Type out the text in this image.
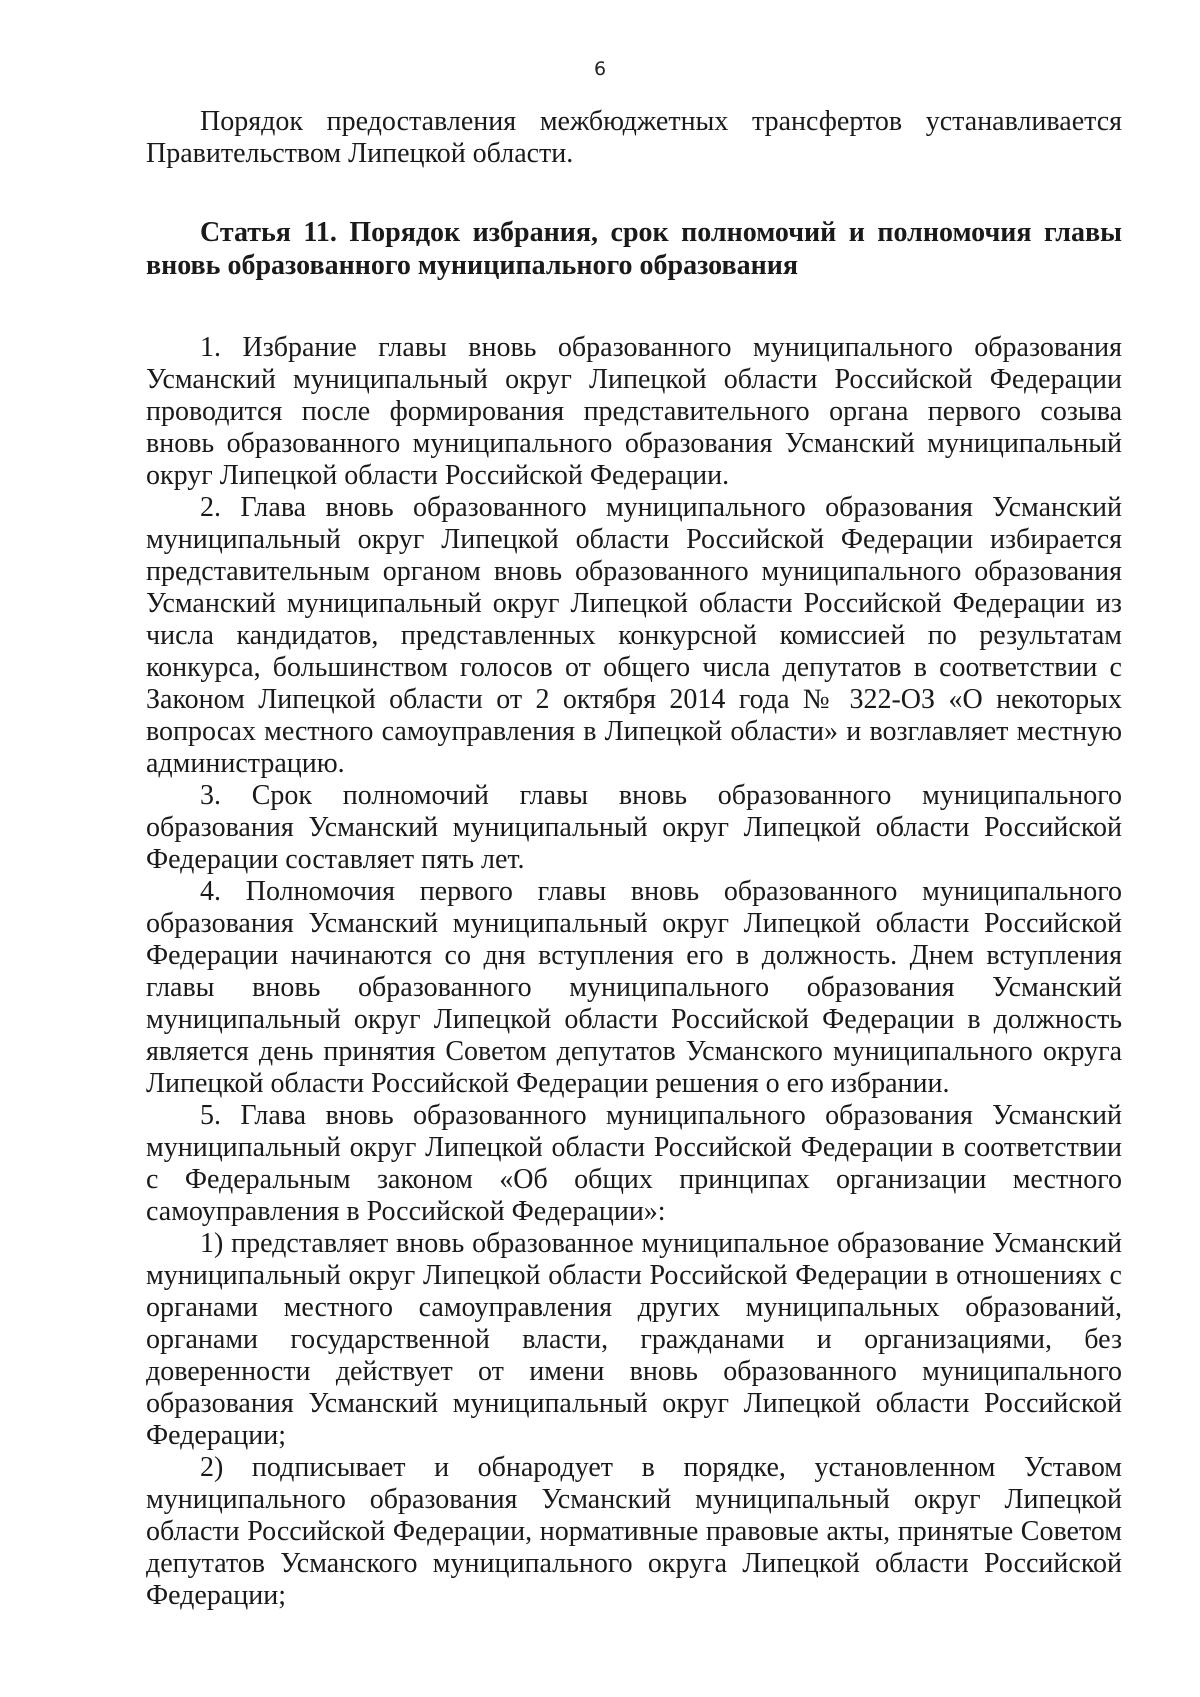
6

Порядок предоставления межбюджетных трансфертов устанавливается Правительством Липецкой области.

Статья 11. Порядок избрания, срок полномочий и полномочия главы вновь образованного муниципального образования

1. Избрание главы вновь образованного муниципального образования Усманский муниципальный округ Липецкой области Российской Федерации проводится после формирования представительного органа первого созыва вновь образованного муниципального образования Усманский муниципальный округ Липецкой области Российской Федерации.

2. Глава вновь образованного муниципального образования Усманский муниципальный округ Липецкой области Российской Федерации избирается представительным органом вновь образованного муниципального образования Усманский муниципальный округ Липецкой области Российской Федерации из числа кандидатов, представленных конкурсной комиссией по результатам конкурса, большинством голосов от общего числа депутатов в соответствии с Законом Липецкой области от 2 октября 2014 года № 322-ОЗ «О некоторых вопросах местного самоуправления в Липецкой области» и возглавляет местную администрацию.

3. Срок полномочий главы вновь образованного муниципального образования Усманский муниципальный округ Липецкой области Российской Федерации составляет пять лет.

4. Полномочия первого главы вновь образованного муниципального образования Усманский муниципальный округ Липецкой области Российской Федерации начинаются со дня вступления его в должность. Днем вступления главы вновь образованного муниципального образования Усманский муниципальный округ Липецкой области Российской Федерации в должность является день принятия Советом депутатов Усманского муниципального округа Липецкой области Российской Федерации решения о его избрании.

5. Глава вновь образованного муниципального образования Усманский муниципальный округ Липецкой области Российской Федерации в соответствии с Федеральным законом «Об общих принципах организации местного самоуправления в Российской Федерации»:

1) представляет вновь образованное муниципальное образование Усманский муниципальный округ Липецкой области Российской Федерации в отношениях с органами местного самоуправления других муниципальных образований, органами государственной власти, гражданами и организациями, без доверенности действует от имени вновь образованного муниципального образования Усманский муниципальный округ Липецкой области Российской Федерации;

2) подписывает и обнародует в порядке, установленном Уставом муниципального образования Усманский муниципальный округ Липецкой области Российской Федерации, нормативные правовые акты, принятые Советом депутатов Усманского муниципального округа Липецкой области Российской Федерации;
